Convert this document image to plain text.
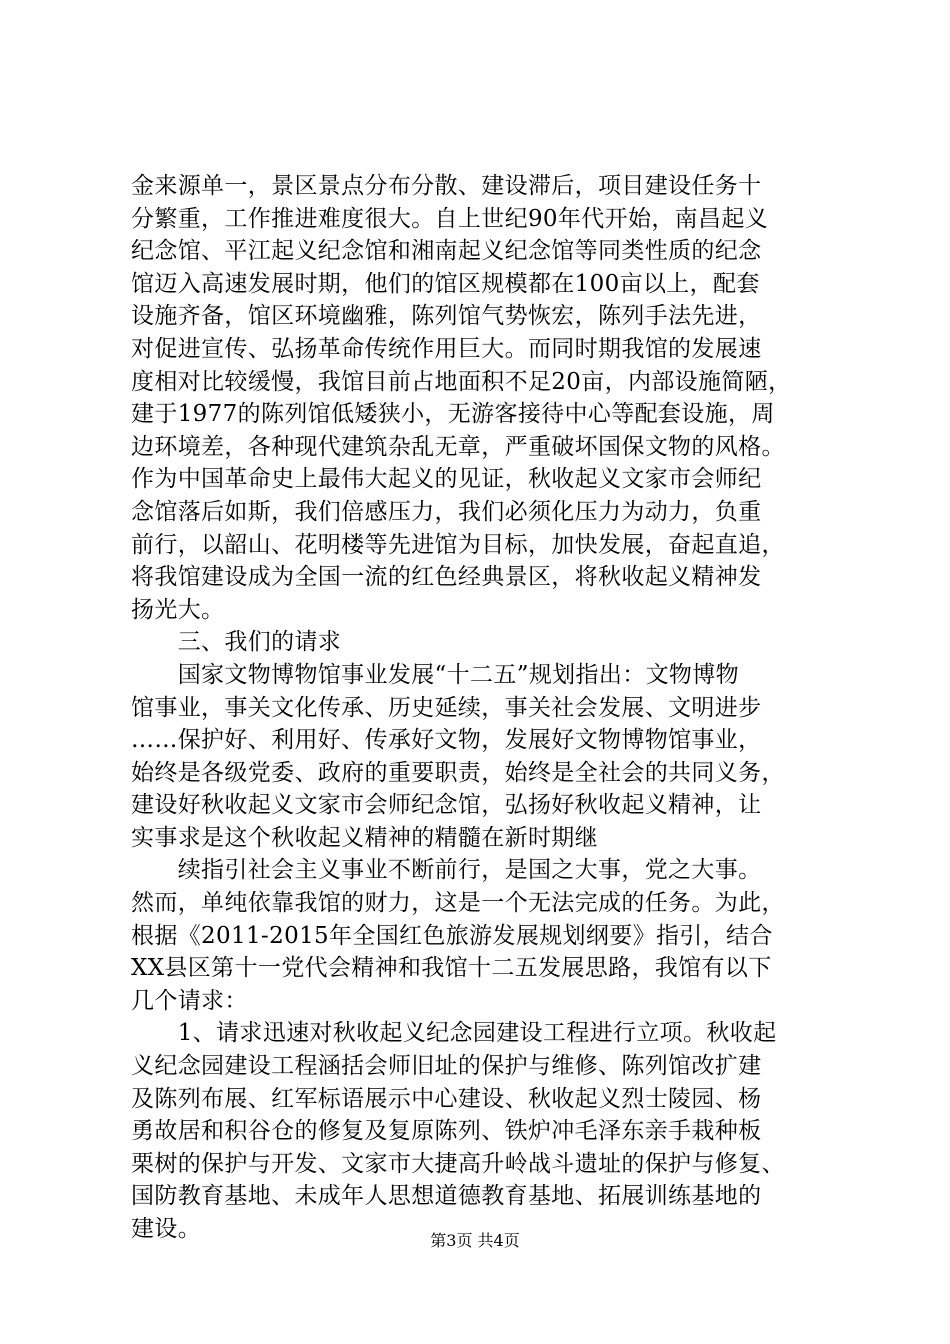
金来源单一，景区景点分布分散、建设滞后，项目建设任务十
分繁重，工作推进难度很大。自上世纪90年代开始，南昌起义
纪念馆、平江起义纪念馆和湘南起义纪念馆等同类性质的纪念
馆迈入高速发展时期，他们的馆区规模都在100亩以上，配套
设施齐备，馆区环境幽雅，陈列馆气势恢宏，陈列手法先进，
对促进宣传、弘扬革命传统作用巨大。而同时期我馆的发展速
度相对比较缓慢，我馆目前占地面积不足20亩，内部设施简陋，
建于1977的陈列馆低矮狭小，无游客接待中心等配套设施，周
边环境差，各种现代建筑杂乱无章，严重破坏国保文物的风格。
作为中国革命史上最伟大起义的见证，秋收起义文家市会师纪
念馆落后如斯，我们倍感压力，我们必须化压力为动力，负重
前行，以韶山、花明楼等先进馆为目标，加快发展，奋起直追，
将我馆建设成为全国一流的红色经典景区，将秋收起义精神发
扬光大。
　　三、我们的请求
　　国家文物博物馆事业发展“十二五”规划指出：文物博物
馆事业，事关文化传承、历史延续，事关社会发展、文明进步
……保护好、利用好、传承好文物，发展好文物博物馆事业，
始终是各级党委、政府的重要职责，始终是全社会的共同义务，
建设好秋收起义文家市会师纪念馆，弘扬好秋收起义精神，让
实事求是这个秋收起义精神的精髓在新时期继
　　续指引社会主义事业不断前行，是国之大事，党之大事。
然而，单纯依靠我馆的财力，这是一个无法完成的任务。为此，
根据《2011-2015年全国红色旅游发展规划纲要》指引，结合
XX县区第十一党代会精神和我馆十二五发展思路，我馆有以下
几个请求：
　　1、请求迅速对秋收起义纪念园建设工程进行立项。秋收起
义纪念园建设工程涵括会师旧址的保护与维修、陈列馆改扩建
及陈列布展、红军标语展示中心建设、秋收起义烈士陵园、杨
勇故居和积谷仓的修复及复原陈列、铁炉冲毛泽东亲手栽种板
栗树的保护与开发、文家市大捷高升岭战斗遗址的保护与修复、
国防教育基地、未成年人思想道德教育基地、拓展训练基地的
建设。	第3页 共4页
